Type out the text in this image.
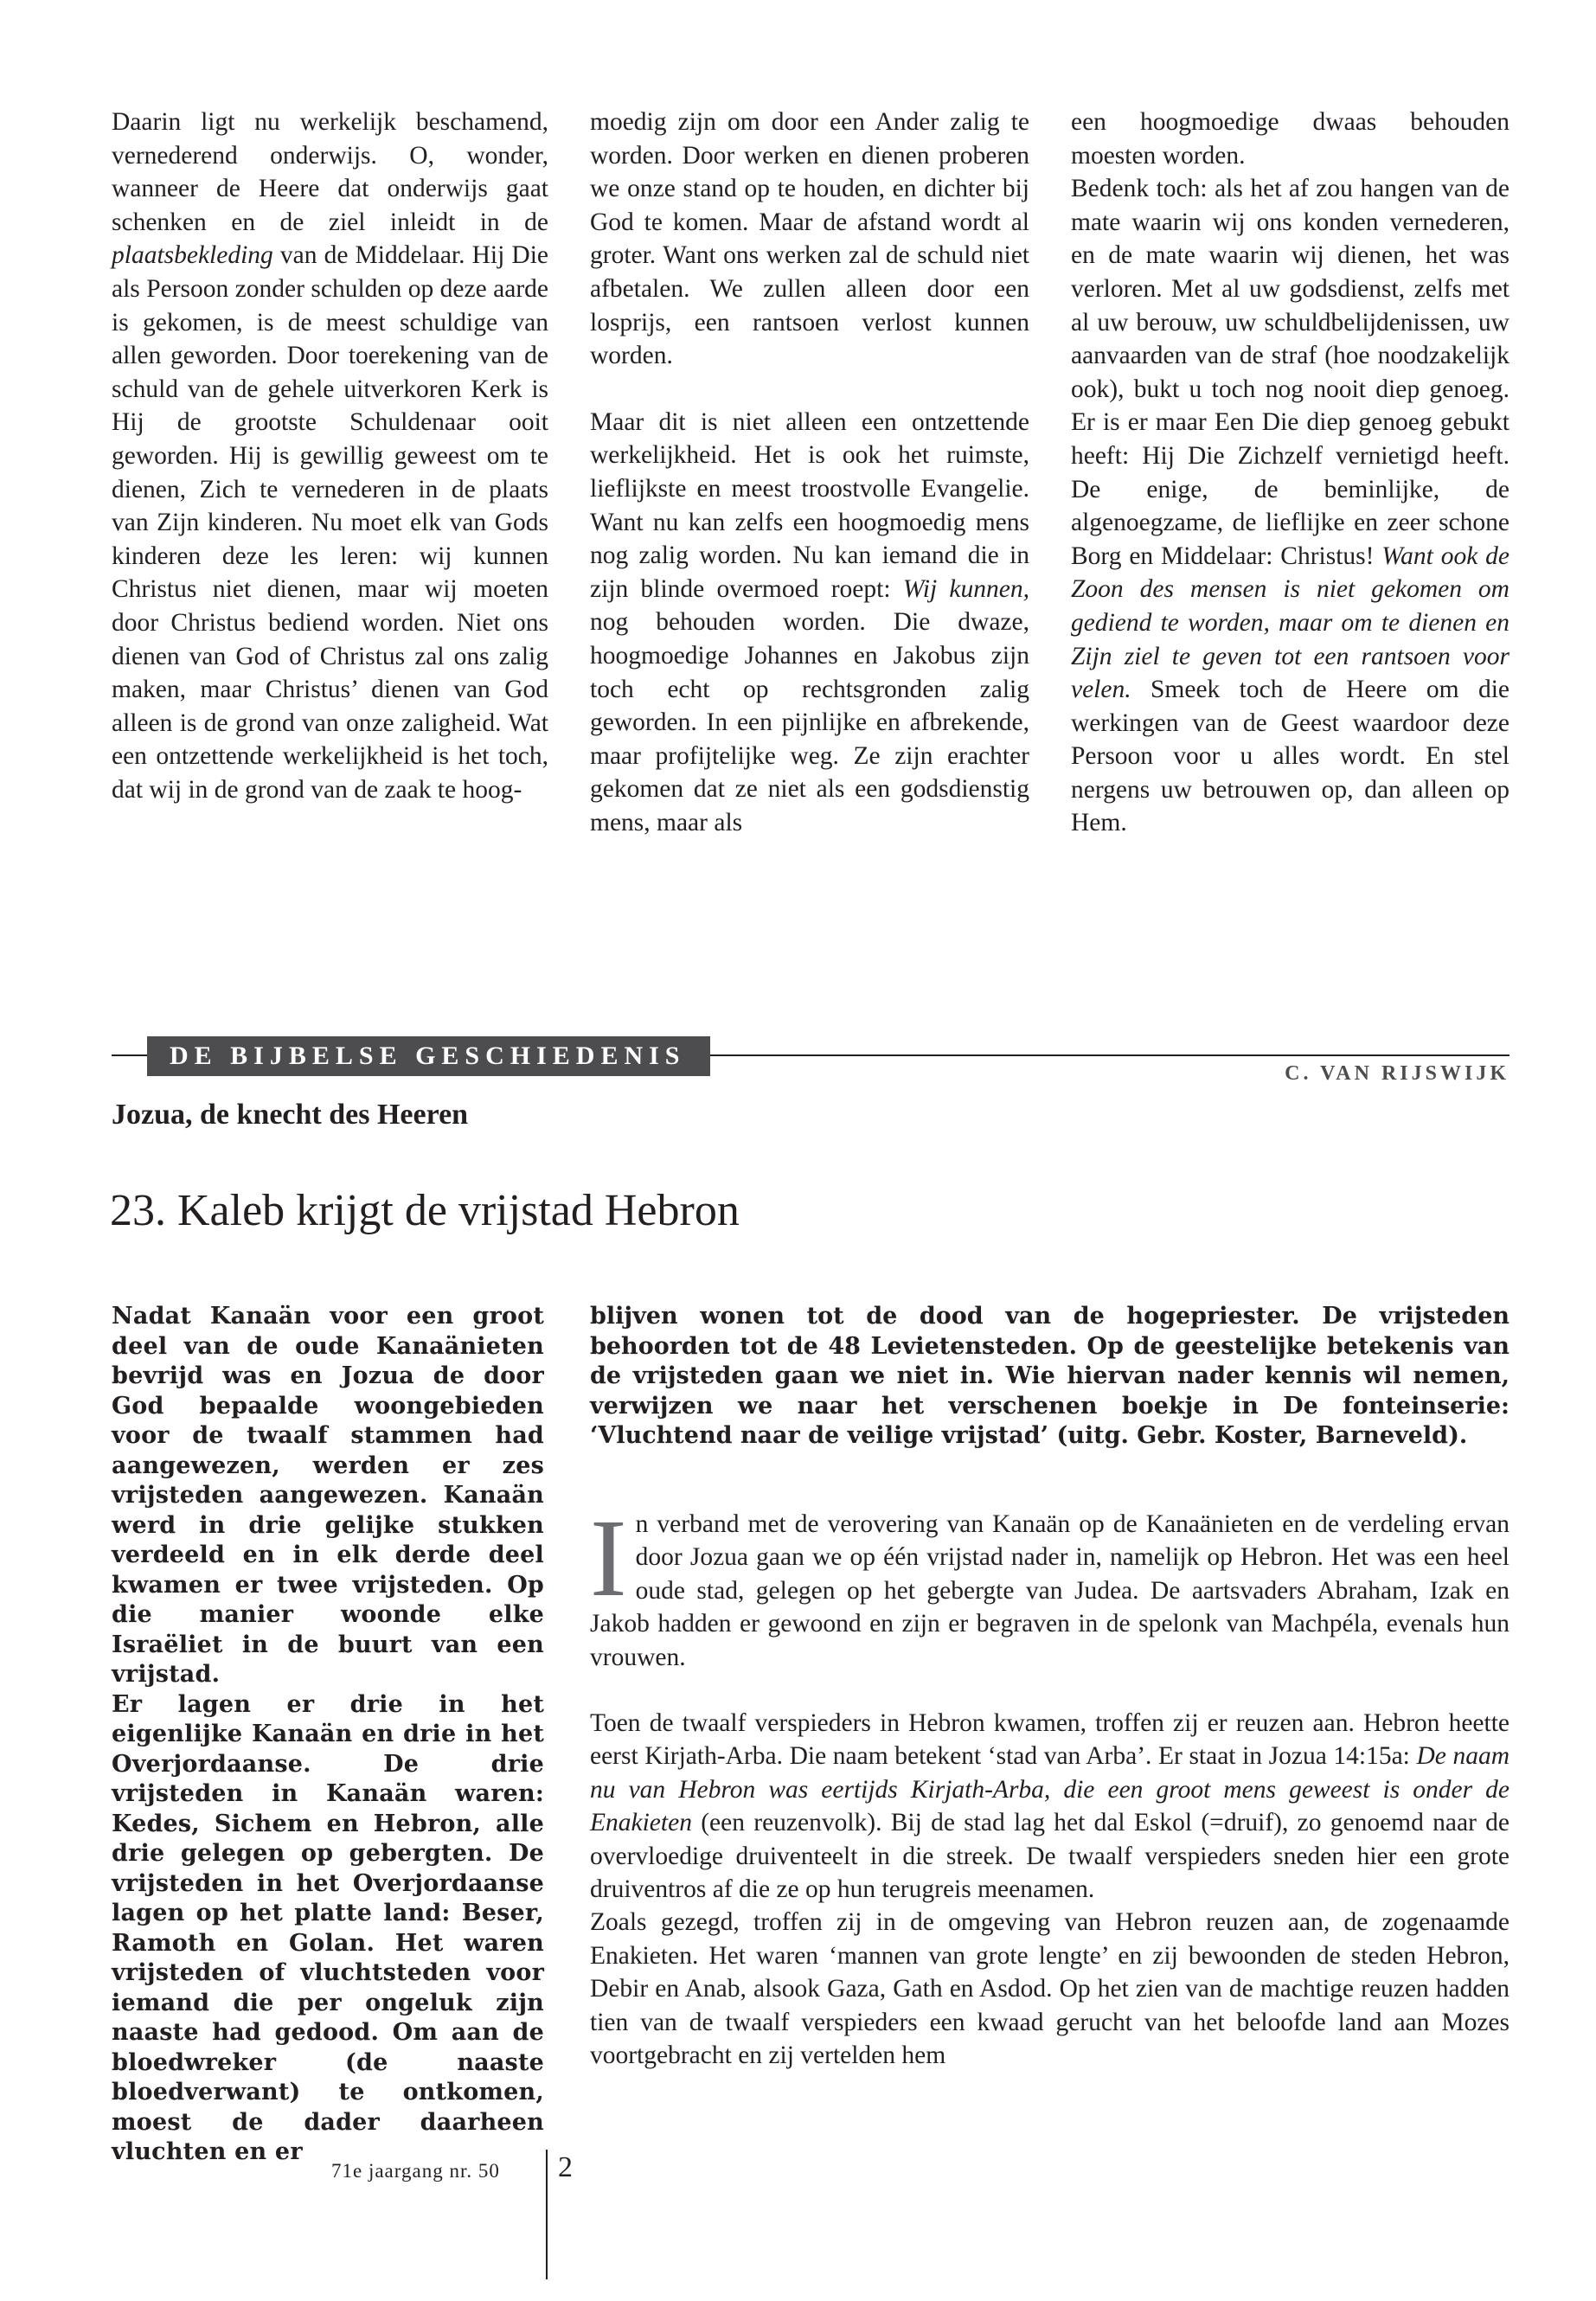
Daarin ligt nu werkelijk beschamend, vernederend onderwijs. O, wonder, wanneer de Heere dat onderwijs gaat schenken en de ziel inleidt in de plaatsbekleding van de Middelaar. Hij Die als Persoon zonder schulden op deze aarde is gekomen, is de meest schuldige van allen geworden. Door toerekening van de schuld van de gehele uitverkoren Kerk is Hij de grootste Schuldenaar ooit geworden. Hij is gewillig geweest om te dienen, Zich te vernederen in de plaats van Zijn kinderen. Nu moet elk van Gods kinderen deze les leren: wij kunnen Christus niet dienen, maar wij moeten door Christus bediend worden. Niet ons dienen van God of Christus zal ons zalig maken, maar Christus’ dienen van God alleen is de grond van onze zaligheid. Wat een ontzettende werkelijkheid is het toch, dat wij in de grond van de zaak te hoog-

moedig zijn om door een Ander zalig te worden. Door werken en dienen proberen we onze stand op te houden, en dichter bij God te komen. Maar de afstand wordt al groter. Want ons werken zal de schuld niet afbetalen. We zullen alleen door een losprijs, een rantsoen verlost kunnen worden.

Maar dit is niet alleen een ontzettende werkelijkheid. Het is ook het ruimste, lieflijkste en meest troostvolle Evangelie. Want nu kan zelfs een hoogmoedig mens nog zalig worden. Nu kan iemand die in zijn blinde overmoed roept: Wij kunnen, nog behouden worden. Die dwaze, hoogmoedige Johannes en Jakobus zijn toch echt op rechtsgronden zalig geworden. In een pijnlijke en afbrekende, maar profijtelijke weg. Ze zijn erachter gekomen dat ze niet als een godsdienstig mens, maar als

een hoogmoedige dwaas behouden moesten worden.

Bedenk toch: als het af zou hangen van de mate waarin wij ons konden vernederen, en de mate waarin wij dienen, het was verloren. Met al uw godsdienst, zelfs met al uw berouw, uw schuldbelijdenissen, uw aanvaarden van de straf (hoe noodzakelijk ook), bukt u toch nog nooit diep genoeg. Er is er maar Een Die diep genoeg gebukt heeft: Hij Die Zichzelf vernietigd heeft. De enige, de beminlijke, de algenoegzame, de lieflijke en zeer schone Borg en Middelaar: Christus! Want ook de Zoon des mensen is niet gekomen om gediend te worden, maar om te dienen en Zijn ziel te geven tot een rantsoen voor velen. Smeek toch de Heere om die werkingen van de Geest waardoor deze Persoon voor u alles wordt. En stel nergens uw betrouwen op, dan alleen op Hem.

DE BIJBELSE GESCHIEDENIS
C. VAN RIJSWIJK
Jozua, de knecht des Heeren
23. Kaleb krijgt de vrijstad Hebron

Nadat Kanaän voor een groot deel van de oude Kanaänieten bevrijd was en Jozua de door God bepaalde woongebieden voor de twaalf stammen had aangewezen, werden er zes vrijsteden aangewezen. Kanaän werd in drie gelijke stukken verdeeld en in elk derde deel kwamen er twee vrijsteden. Op die manier woonde elke Israëliet in de buurt van een vrijstad.

Er lagen er drie in het eigenlijke Kanaän en drie in het Overjordaanse. De drie vrijsteden in Kanaän waren: Kedes, Sichem en Hebron, alle drie gelegen op gebergten. De vrijsteden in het Overjordaanse lagen op het platte land: Beser, Ramoth en Golan. Het waren vrijsteden of vluchtsteden voor iemand die per ongeluk zijn naaste had gedood. Om aan de bloedwreker (de naaste bloedverwant) te ontkomen, moest de dader daarheen vluchten en er

blijven wonen tot de dood van de hogepriester. De vrijsteden behoorden tot de 48 Levietensteden. Op de geestelijke betekenis van de vrijsteden gaan we niet in. Wie hiervan nader kennis wil nemen, verwijzen we naar het verschenen boekje in De fonteinserie: ‘Vluchtend naar de veilige vrijstad’ (uitg. Gebr. Koster, Barneveld).

In verband met de verovering van Kanaän op de Kanaänieten en de verdeling ervan door Jozua gaan we op één vrijstad nader in, namelijk op Hebron. Het was een heel oude stad, gelegen op het gebergte van Judea. De aartsvaders Abraham, Izak en Jakob hadden er gewoond en zijn er begraven in de spelonk van Machpéla, evenals hun vrouwen.

Toen de twaalf verspieders in Hebron kwamen, troffen zij er reuzen aan. Hebron heette eerst Kirjath-Arba. Die naam betekent ‘stad van Arba’. Er staat in Jozua 14:15a: De naam nu van Hebron was eertijds Kirjath-Arba, die een groot mens geweest is onder de Enakieten (een reuzenvolk). Bij de stad lag het dal Eskol (=druif), zo genoemd naar de overvloedige druiventeelt in die streek. De twaalf verspieders sneden hier een grote druiventros af die ze op hun terugreis meenamen.

Zoals gezegd, troffen zij in de omgeving van Hebron reuzen aan, de zogenaamde Enakieten. Het waren ‘mannen van grote lengte’ en zij bewoonden de steden Hebron, Debir en Anab, alsook Gaza, Gath en Asdod. Op het zien van de machtige reuzen hadden tien van de twaalf verspieders een kwaad gerucht van het beloofde land aan Mozes voortgebracht en zij vertelden hem

71e jaargang nr. 50 2
